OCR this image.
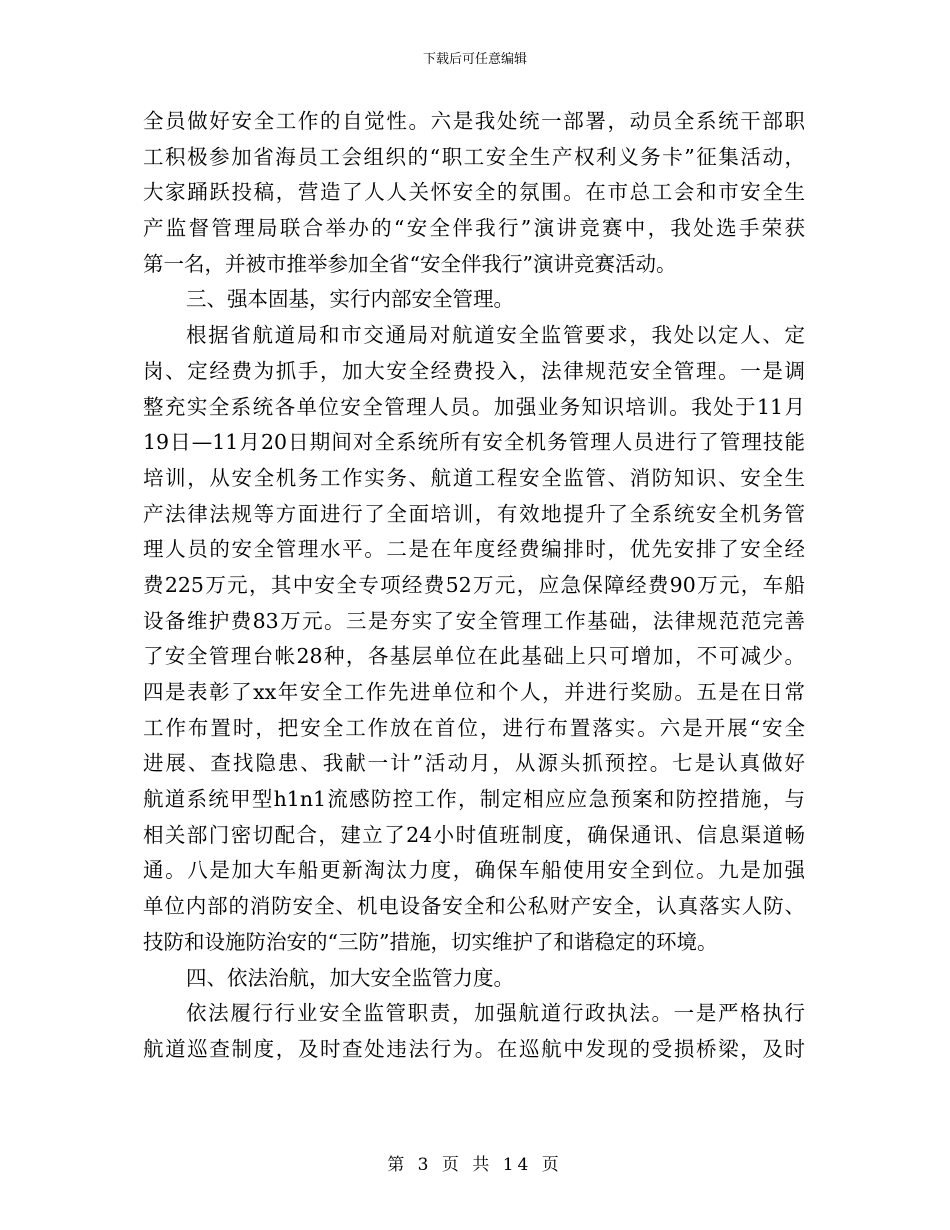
下载后可任意编辑
全员做好安全工作的自觉性。六是我处统一部署，动员全系统干部职
工积极参加省海员工会组织的“职工安全生产权利义务卡”征集活动，
大家踊跃投稿，营造了人人关怀安全的氛围。在市总工会和市安全生
产监督管理局联合举办的“安全伴我行”演讲竞赛中，我处选手荣获
第一名，并被市推举参加全省“安全伴我行”演讲竞赛活动。
三、强本固基，实行内部安全管理。
根据省航道局和市交通局对航道安全监管要求，我处以定人、定
岗、定经费为抓手，加大安全经费投入，法律规范安全管理。一是调
整充实全系统各单位安全管理人员。加强业务知识培训。我处于11月
19日—11月20日期间对全系统所有安全机务管理人员进行了管理技能
培训，从安全机务工作实务、航道工程安全监管、消防知识、安全生
产法律法规等方面进行了全面培训，有效地提升了全系统安全机务管
理人员的安全管理水平。二是在年度经费编排时，优先安排了安全经
费225万元，其中安全专项经费52万元，应急保障经费90万元，车船
设备维护费83万元。三是夯实了安全管理工作基础，法律规范范完善
了安全管理台帐28种，各基层单位在此基础上只可增加，不可减少。
四是表彰了xx年安全工作先进单位和个人，并进行奖励。五是在日常
工作布置时，把安全工作放在首位，进行布置落实。六是开展“安全
进展、查找隐患、我献一计”活动月，从源头抓预控。七是认真做好
航道系统甲型h1n1流感防控工作，制定相应应急预案和防控措施，与
相关部门密切配合，建立了24小时值班制度，确保通讯、信息渠道畅
通。八是加大车船更新淘汰力度，确保车船使用安全到位。九是加强
单位内部的消防安全、机电设备安全和公私财产安全，认真落实人防、
技防和设施防治安的“三防”措施，切实维护了和谐稳定的环境。
四、依法治航，加大安全监管力度。
依法履行行业安全监管职责，加强航道行政执法。一是严格执行
航道巡查制度，及时查处违法行为。在巡航中发现的受损桥梁，及时
第 3 页 共 14 页
